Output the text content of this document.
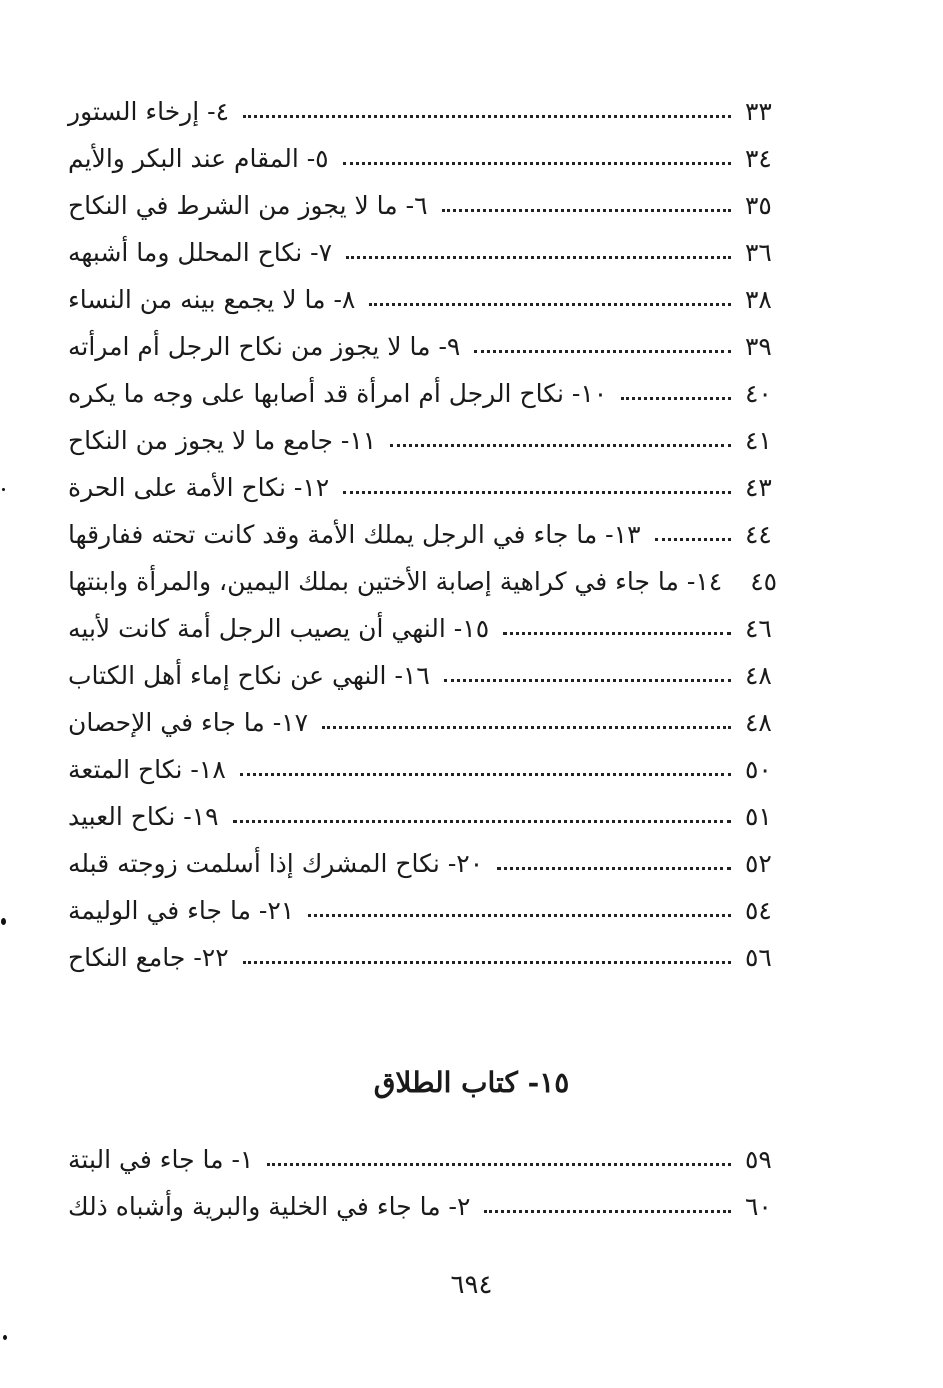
٤- إرخاء الستور	٣٣
٥- المقام عند البكر والأيم	٣٤
٦- ما لا يجوز من الشرط في النكاح	٣٥
٧- نكاح المحلل وما أشبهه	٣٦
٨- ما لا يجمع بينه من النساء	٣٨
٩- ما لا يجوز من نكاح الرجل أم امرأته	٣٩
١٠- نكاح الرجل أم امرأة قد أصابها على وجه ما يكره	٤٠
١١- جامع ما لا يجوز من النكاح	٤١
١٢- نكاح الأمة على الحرة	٤٣
١٣- ما جاء في الرجل يملك الأمة وقد كانت تحته ففارقها	٤٤
١٤- ما جاء في كراهية إصابة الأختين بملك اليمين، والمرأة وابنتها ٤٥
١٥- النهي أن يصيب الرجل أمة كانت لأبيه	٤٦
١٦- النهي عن نكاح إماء أهل الكتاب	٤٨
١٧- ما جاء في الإحصان	٤٨
١٨- نكاح المتعة	٥٠
١٩- نكاح العبيد	٥١
٢٠- نكاح المشرك إذا أسلمت زوجته قبله	٥٢
٢١- ما جاء في الوليمة	٥٤
٢٢- جامع النكاح	٥٦
١٥- كتاب الطلاق
١- ما جاء في البتة	٥٩
٢- ما جاء في الخلية والبرية وأشباه ذلك	٦٠
٦٩٤
